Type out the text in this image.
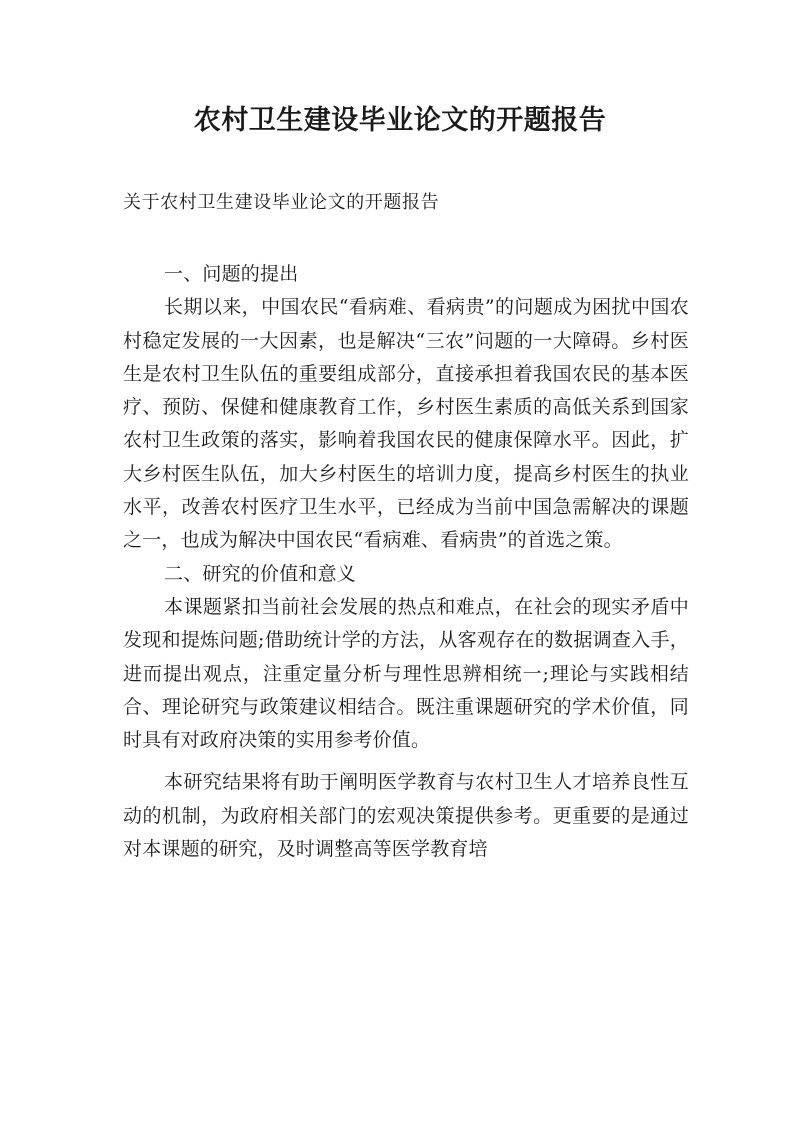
农村卫生建设毕业论文的开题报告

关于农村卫生建设毕业论文的开题报告

一、问题的提出

长期以来，中国农民“看病难、看病贵”的问题成为困扰中国农村稳定发展的一大因素，也是解决“三农”问题的一大障碍。乡村医生是农村卫生队伍的重要组成部分，直接承担着我国农民的基本医疗、预防、保健和健康教育工作，乡村医生素质的高低关系到国家农村卫生政策的落实，影响着我国农民的健康保障水平。因此，扩大乡村医生队伍，加大乡村医生的培训力度，提高乡村医生的执业水平，改善农村医疗卫生水平，已经成为当前中国急需解决的课题之一，也成为解决中国农民“看病难、看病贵”的首选之策。

二、研究的价值和意义

本课题紧扣当前社会发展的热点和难点，在社会的现实矛盾中发现和提炼问题;借助统计学的方法，从客观存在的数据调查入手，进而提出观点，注重定量分析与理性思辨相统一;理论与实践相结合、理论研究与政策建议相结合。既注重课题研究的学术价值，同时具有对政府决策的实用参考价值。

本研究结果将有助于阐明医学教育与农村卫生人才培养良性互动的机制，为政府相关部门的宏观决策提供参考。更重要的是通过对本课题的研究，及时调整高等医学教育培
